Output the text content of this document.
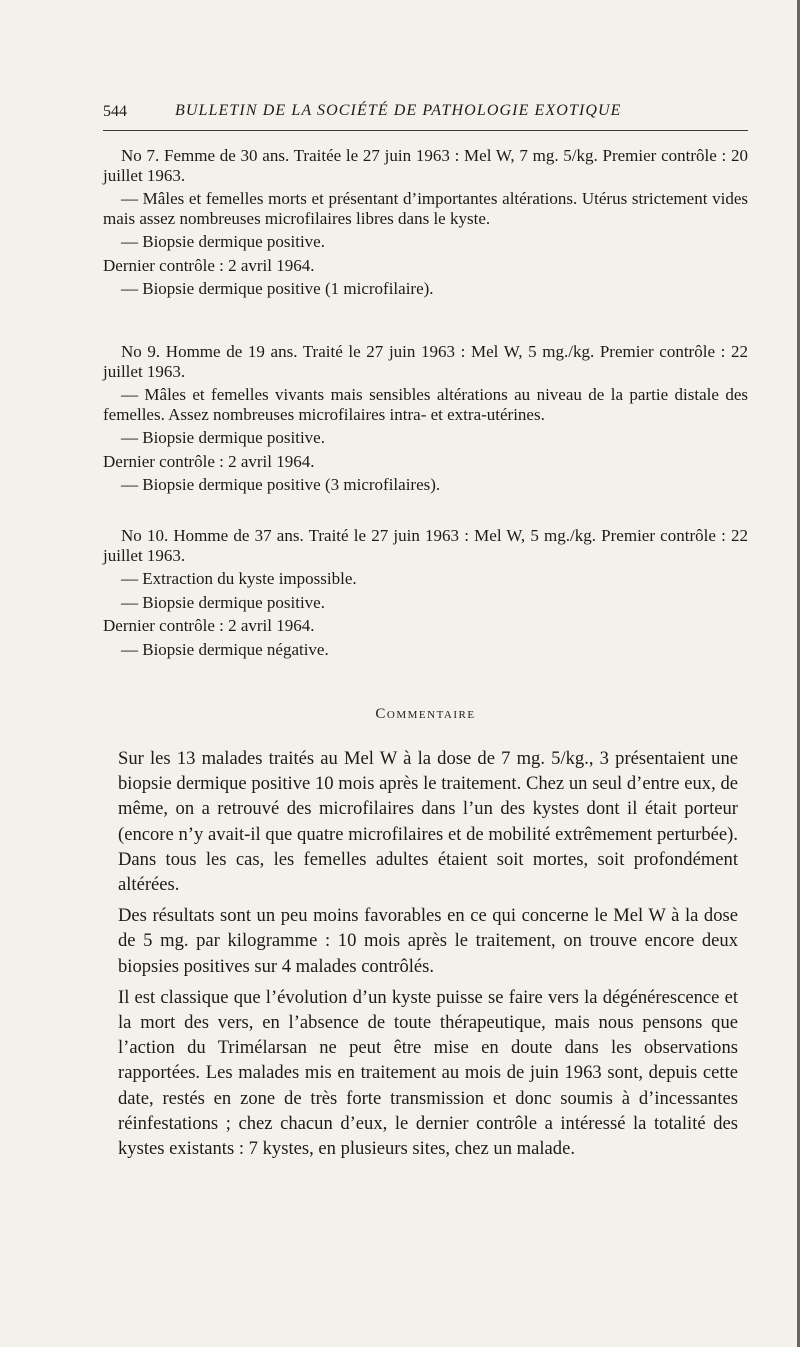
544	BULLETIN DE LA SOCIÉTÉ DE PATHOLOGIE EXOTIQUE

No 7. Femme de 30 ans. Traitée le 27 juin 1963 : Mel W, 7 mg. 5/kg. Premier contrôle : 20 juillet 1963.

— Mâles et femelles morts et présentant d’importantes altérations. Utérus strictement vides mais assez nombreuses microfilaires libres dans le kyste.

— Biopsie dermique positive.

Dernier contrôle : 2 avril 1964.

— Biopsie dermique positive (1 microfilaire).

No 9. Homme de 19 ans. Traité le 27 juin 1963 : Mel W, 5 mg./kg. Premier contrôle : 22 juillet 1963.

— Mâles et femelles vivants mais sensibles altérations au niveau de la partie distale des femelles. Assez nombreuses microfilaires intra- et extra-utérines.

— Biopsie dermique positive.

Dernier contrôle : 2 avril 1964.

— Biopsie dermique positive (3 microfilaires).

No 10. Homme de 37 ans. Traité le 27 juin 1963 : Mel W, 5 mg./kg. Premier contrôle : 22 juillet 1963.

— Extraction du kyste impossible.

— Biopsie dermique positive.

Dernier contrôle : 2 avril 1964.

— Biopsie dermique négative.

Commentaire

Sur les 13 malades traités au Mel W à la dose de 7 mg. 5/kg., 3 présentaient une biopsie dermique positive 10 mois après le traitement. Chez un seul d’entre eux, de même, on a retrouvé des microfilaires dans l’un des kystes dont il était porteur (encore n’y avait-il que quatre microfilaires et de mobilité extrêmement perturbée). Dans tous les cas, les femelles adultes étaient soit mortes, soit profondément altérées.

Des résultats sont un peu moins favorables en ce qui concerne le Mel W à la dose de 5 mg. par kilogramme : 10 mois après le traitement, on trouve encore deux biopsies positives sur 4 malades contrôlés.

Il est classique que l’évolution d’un kyste puisse se faire vers la dégénérescence et la mort des vers, en l’absence de toute thérapeutique, mais nous pensons que l’action du Trimélarsan ne peut être mise en doute dans les observations rapportées. Les malades mis en traitement au mois de juin 1963 sont, depuis cette date, restés en zone de très forte transmission et donc soumis à d’incessantes réinfestations ; chez chacun d’eux, le dernier contrôle a intéressé la totalité des kystes existants : 7 kystes, en plusieurs sites, chez un malade.
